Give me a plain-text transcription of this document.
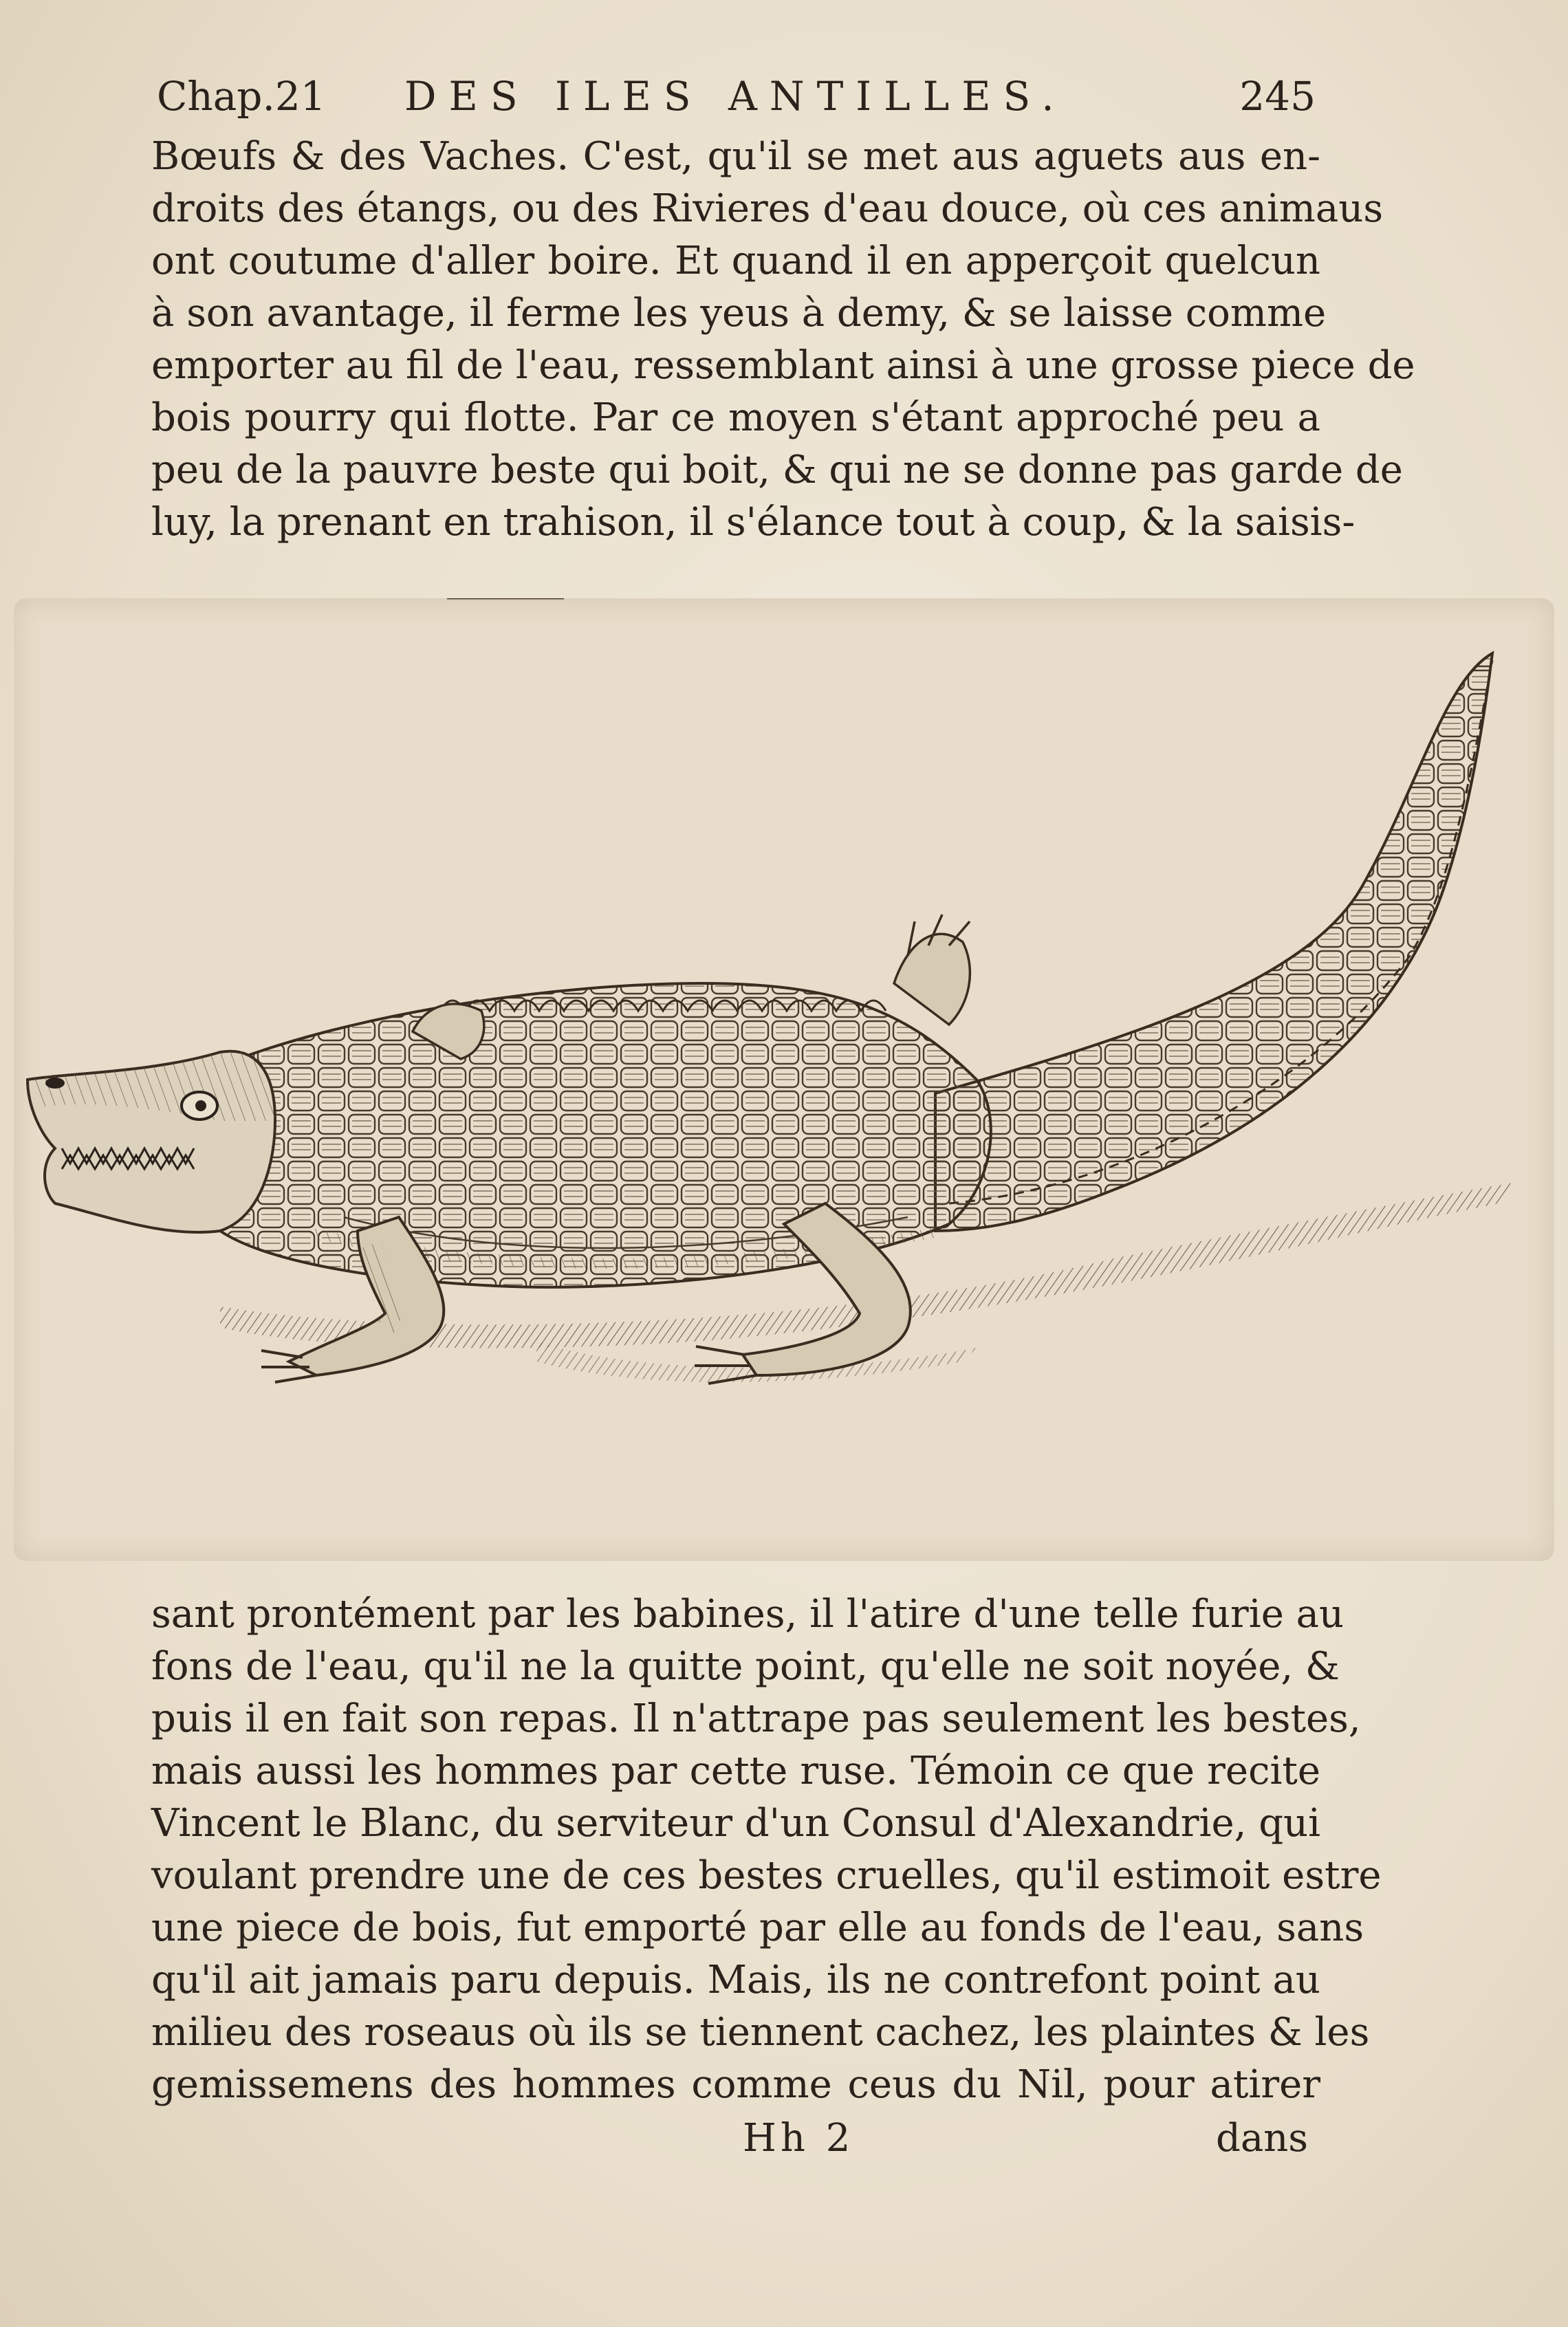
Chap.21 DES ILES ANTILLES.	245
Bœufs & des Vaches. C'est, qu'il se met aus aguets aus en-
droits des étangs, ou des Rivieres d'eau douce, où ces animaus
ont coutume d'aller boire. Et quand il en apperçoit quelcun
à son avantage, il ferme les yeus à demy, & se laisse comme
emporter au fil de l'eau, ressemblant ainsi à une grosse piece de
bois pourry qui flotte. Par ce moyen s'étant approché peu a
peu de la pauvre beste qui boit, & qui ne se donne pas garde de
luy, la prenant en trahison, il s'élance tout à coup, & la saisis-
sant prontément par les babines, il l'atire d'une telle furie au
fons de l'eau, qu'il ne la quitte point, qu'elle ne soit noyée, &
puis il en fait son repas. Il n'attrape pas seulement les bestes,
mais aussi les hommes par cette ruse. Témoin ce que recite
Vincent le Blanc, du serviteur d'un Consul d'Alexandrie, qui
voulant prendre une de ces bestes cruelles, qu'il estimoit estre
une piece de bois, fut emporté par elle au fonds de l'eau, sans
qu'il ait jamais paru depuis. Mais, ils ne contrefont point au
milieu des roseaus où ils se tiennent cachez, les plaintes & les
gemissemens des hommes comme ceus du Nil, pour atirer
Hh 2	dans
